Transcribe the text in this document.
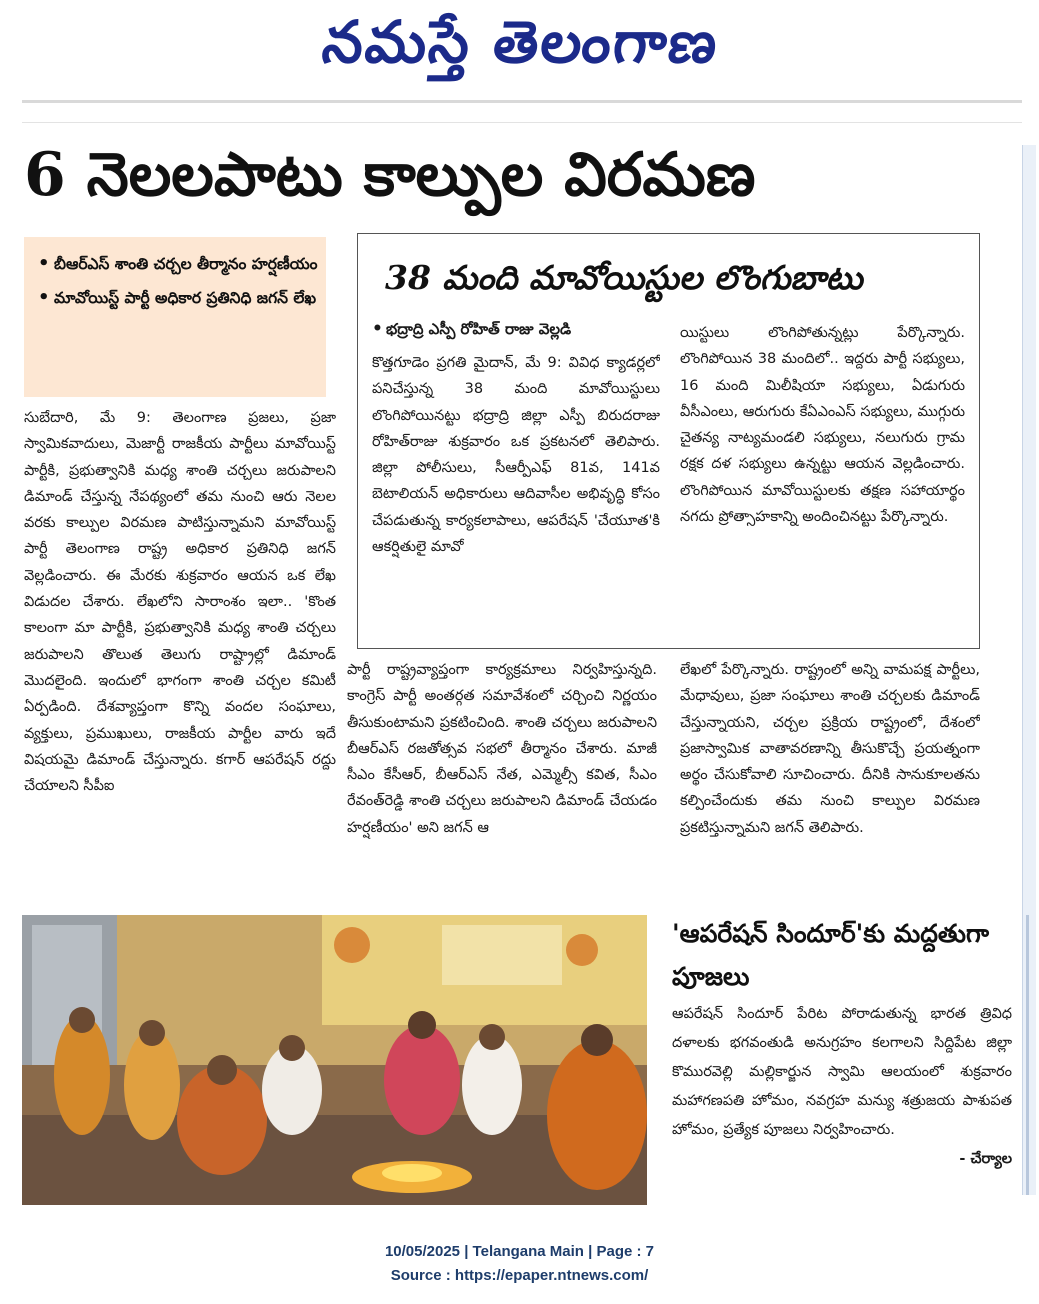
నమస్తే తెలంగాణ
6 నెలలపాటు కాల్పుల విరమణ
• బీఆర్ఎస్ శాంతి చర్చల తీర్మానం హర్షణీయం
• మావోయిస్ట్ పార్టీ అధికార ప్రతినిధి జగన్ లేఖ

సుబేదారి, మే 9: తెలంగాణ ప్రజలు, ప్రజా స్వామికవాదులు, మెజార్టీ రాజకీయ పార్టీలు మావోయిస్ట్ పార్టీకి, ప్రభుత్వానికి మధ్య శాంతి చర్చలు జరుపాలని డిమాండ్ చేస్తున్న నేపథ్యంలో తమ నుంచి ఆరు నెలల వరకు కాల్పుల విరమణ పాటిస్తున్నామని మావోయిస్ట్ పార్టీ తెలంగాణ రాష్ట్ర అధికార ప్రతినిధి జగన్ వెల్లడించారు. ఈ మేరకు శుక్రవారం ఆయన ఒక లేఖ విడుదల చేశారు. లేఖలోని సారాంశం ఇలా.. 'కొంత కాలంగా మా పార్టీకి, ప్రభుత్వానికి మధ్య శాంతి చర్చలు జరుపాలని తొలుత తెలుగు రాష్ట్రాల్లో డిమాండ్ మొదలైంది. ఇందులో భాగంగా శాంతి చర్చల కమిటీ ఏర్పడింది. దేశవ్యాప్తంగా కొన్ని వందల సంఘాలు, వ్యక్తులు, ప్రముఖులు, రాజకీయ పార్టీల వారు ఇదే విషయమై డిమాండ్ చేస్తున్నారు. కగార్ ఆపరేషన్ రద్దు చేయాలని సీపీఐ

పార్టీ రాష్ట్రవ్యాప్తంగా కార్యక్రమాలు నిర్వహిస్తున్నది. కాంగ్రెస్ పార్టీ అంతర్గత సమావేశంలో చర్చించి నిర్ణయం తీసుకుంటామని ప్రకటించింది. శాంతి చర్చలు జరుపాలని బీఆర్ఎస్ రజతోత్సవ సభలో తీర్మానం చేశారు. మాజీ సీఎం కేసీఆర్, బీఆర్ఎస్ నేత, ఎమ్మెల్సీ కవిత, సీఎం రేవంత్‌రెడ్డి శాంతి చర్చలు జరుపాలని డిమాండ్ చేయడం హర్షణీయం' అని జగన్ ఆ

లేఖలో పేర్కొన్నారు. రాష్ట్రంలో అన్ని వామపక్ష పార్టీలు, మేధావులు, ప్రజా సంఘాలు శాంతి చర్చలకు డిమాండ్ చేస్తున్నాయని, చర్చల ప్రక్రియ రాష్ట్రంలో, దేశంలో ప్రజాస్వామిక వాతావరణాన్ని తీసుకొచ్చే ప్రయత్నంగా అర్థం చేసుకోవాలి సూచించారు. దీనికి సానుకూలతను కల్పించేందుకు తమ నుంచి కాల్పుల విరమణ ప్రకటిస్తున్నామని జగన్ తెలిపారు.

38 మంది మావోయిస్టుల లొంగుబాటు
• భద్రాద్రి ఎస్పీ రోహిత్ రాజు వెల్లడి

కొత్తగూడెం ప్రగతి మైదాన్, మే 9: వివిధ క్యాడర్లలో పనిచేస్తున్న 38 మంది మావోయిస్టులు లొంగిపోయినట్టు భద్రాద్రి జిల్లా ఎస్పీ బిరుదరాజు రోహిత్‌రాజు శుక్రవారం ఒక ప్రకటనలో తెలిపారు. జిల్లా పోలీసులు, సీఆర్పీఎఫ్ 81వ, 141వ బెటాలియన్ అధికారులు ఆదివాసీల అభివృద్ధి కోసం చేపడుతున్న కార్యకలాపాలు, ఆపరేషన్ 'చేయూత'కి ఆకర్షితులై మావో

యిస్టులు లొంగిపోతున్నట్లు పేర్కొన్నారు. లొంగిపోయిన 38 మందిలో.. ఇద్దరు పార్టీ సభ్యులు, 16 మంది మిలీషియా సభ్యులు, ఏడుగురు వీసీఎంలు, ఆరుగురు కేఏఎంఎస్ సభ్యులు, ముగ్గురు చైతన్య నాట్యమండలి సభ్యులు, నలుగురు గ్రామ రక్షక దళ సభ్యులు ఉన్నట్టు ఆయన వెల్లడించారు. లొంగిపోయిన మావోయిస్టులకు తక్షణ సహాయార్థం నగదు ప్రోత్సాహకాన్ని అందించినట్టు పేర్కొన్నారు.

'ఆపరేషన్ సిందూర్'కు మద్దతుగా పూజలు

ఆపరేషన్ సిందూర్ పేరిట పోరాడుతున్న భారత త్రివిధ దళాలకు భగవంతుడి అనుగ్రహం కలగాలని సిద్దిపేట జిల్లా కొమురవెల్లి మల్లికార్జున స్వామి ఆలయంలో శుక్రవారం మహాగణపతి హోమం, నవగ్రహ మన్యు శత్రుజయ పాశుపత హోమం, ప్రత్యేక పూజలు నిర్వహించారు.

- చేర్యాల
10/05/2025 | Telangana Main | Page : 7
Source : https://epaper.ntnews.com/
